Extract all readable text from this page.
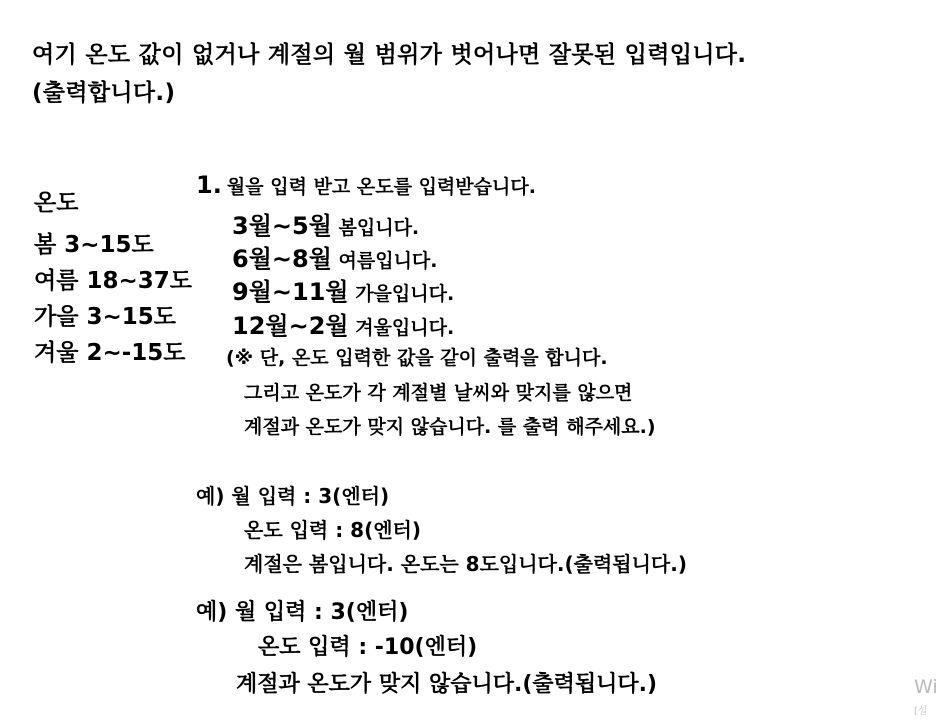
여기 온도 값이 없거나 계절의 월 범위가 벗어나면 잘못된 입력입니다.
(출력합니다.)
온도
봄 3~15도
여름 18~37도
가을 3~15도
겨울 2~-15도
1. 월을 입력 받고 온도를 입력받습니다.
3월~5월 봄입니다.
6월~8월 여름입니다.
9월~11월 가을입니다.
12월~2월 겨울입니다.
(※ 단, 온도 입력한 값을 같이 출력을 합니다.
그리고 온도가 각 계절별 날씨와 맞지를 않으면
계절과 온도가 맞지 않습니다. 를 출력 해주세요.)
예) 월 입력 : 3(엔터)
온도 입력 : 8(엔터)
계절은 봄입니다. 온도는 8도입니다.(출력됩니다.)
예) 월 입력 : 3(엔터)
온도 입력 : -10(엔터)
계절과 온도가 맞지 않습니다.(출력됩니다.)	Wi
[설
